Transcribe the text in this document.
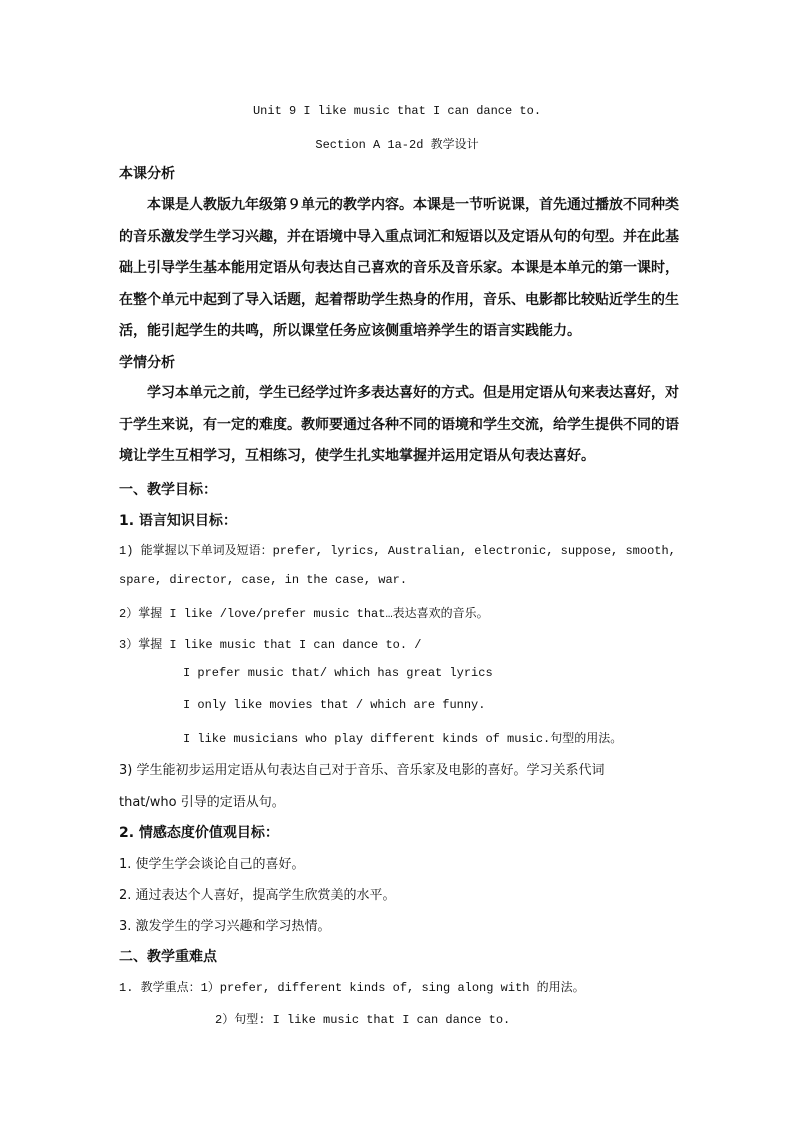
Unit 9 I like music that I can dance to.
Section A 1a-2d 教学设计
本课分析
本课是人教版九年级第９单元的教学内容。本课是一节听说课，首先通过播放不同种类的音乐激发学生学习兴趣，并在语境中导入重点词汇和短语以及定语从句的句型。并在此基础上引导学生基本能用定语从句表达自己喜欢的音乐及音乐家。本课是本单元的第一课时，在整个单元中起到了导入话题，起着帮助学生热身的作用，音乐、电影都比较贴近学生的生活，能引起学生的共鸣，所以课堂任务应该侧重培养学生的语言实践能力。
学情分析
学习本单元之前，学生已经学过许多表达喜好的方式。但是用定语从句来表达喜好，对于学生来说，有一定的难度。教师要通过各种不同的语境和学生交流，给学生提供不同的语境让学生互相学习，互相练习，使学生扎实地掌握并运用定语从句表达喜好。
一、教学目标：
1. 语言知识目标：
1) 能掌握以下单词及短语：prefer, lyrics, Australian, electronic, suppose, smooth,
spare, director, case, in the case, war.
2）掌握 I like /love/prefer music that…表达喜欢的音乐。
3）掌握 I like music that I can dance to. /
I prefer music that/ which has great lyrics
I only like movies that / which are funny.
I like musicians who play different kinds of music.句型的用法。
3) 学生能初步运用定语从句表达自己对于音乐、音乐家及电影的喜好。学习关系代词
that/who 引导的定语从句。
2. 情感态度价值观目标：
1. 使学生学会谈论自己的喜好。
2. 通过表达个人喜好，提高学生欣赏美的水平。
3. 激发学生的学习兴趣和学习热情。
二、教学重难点
1. 教学重点：1）prefer, different kinds of, sing along with 的用法。
2）句型: I like music that I can dance to.
